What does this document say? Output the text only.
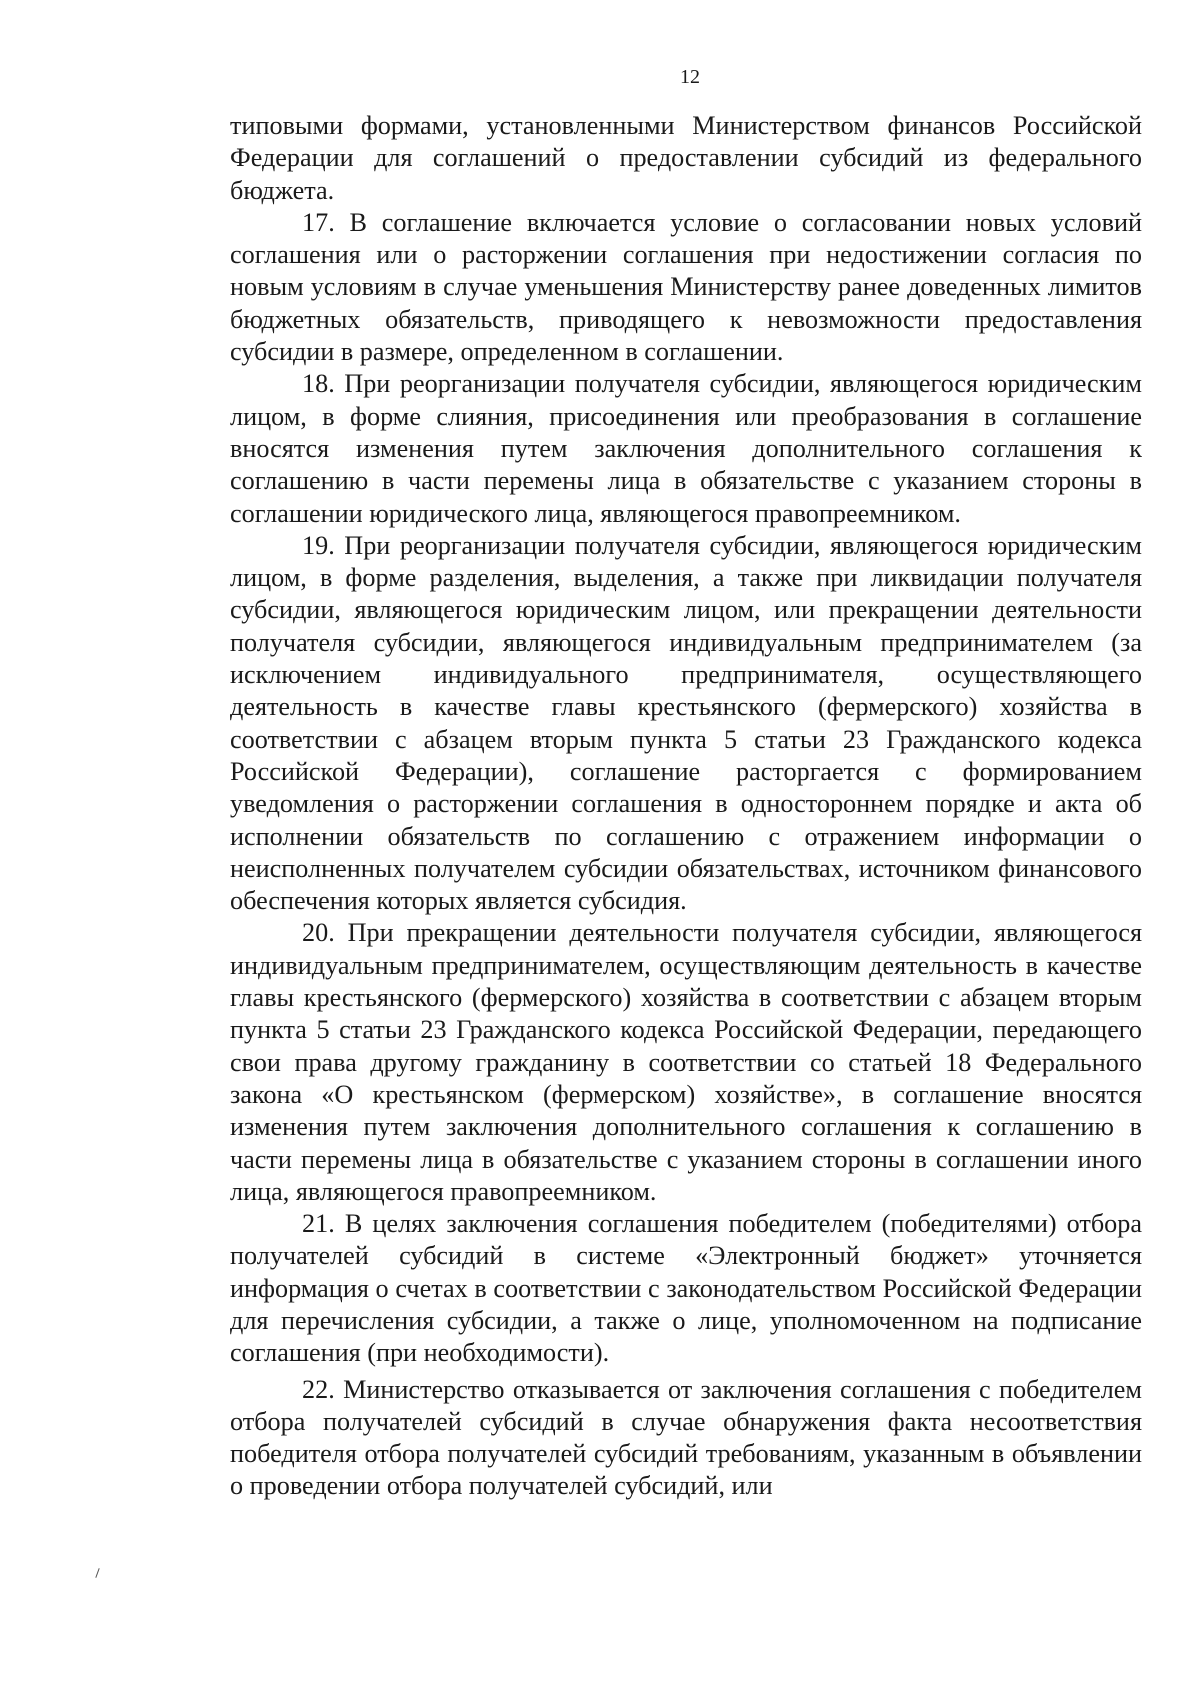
12

типовыми формами, установленными Министерством финансов Российской Федерации для соглашений о предоставлении субсидий из федерального бюджета.

17. В соглашение включается условие о согласовании новых условий соглашения или о расторжении соглашения при недостижении согласия по новым условиям в случае уменьшения Министерству ранее доведенных лимитов бюджетных обязательств, приводящего к невозможности предоставления субсидии в размере, определенном в соглашении.

18. При реорганизации получателя субсидии, являющегося юридическим лицом, в форме слияния, присоединения или преобразования в соглашение вносятся изменения путем заключения дополнительного соглашения к соглашению в части перемены лица в обязательстве с указанием стороны в соглашении юридического лица, являющегося правопреемником.

19. При реорганизации получателя субсидии, являющегося юридическим лицом, в форме разделения, выделения, а также при ликвидации получателя субсидии, являющегося юридическим лицом, или прекращении деятельности получателя субсидии, являющегося индивидуальным предпринимателем (за исключением индивидуального предпринимателя, осуществляющего деятельность в качестве главы крестьянского (фермерского) хозяйства в соответствии с абзацем вторым пункта 5 статьи 23 Гражданского кодекса Российской Федерации), соглашение расторгается с формированием уведомления о расторжении соглашения в одностороннем порядке и акта об исполнении обязательств по соглашению с отражением информации о неисполненных получателем субсидии обязательствах, источником финансового обеспечения которых является субсидия.

20. При прекращении деятельности получателя субсидии, являющегося индивидуальным предпринимателем, осуществляющим деятельность в качестве главы крестьянского (фермерского) хозяйства в соответствии с абзацем вторым пункта 5 статьи 23 Гражданского кодекса Российской Федерации, передающего свои права другому гражданину в соответствии со статьей 18 Федерального закона «О крестьянском (фермерском) хозяйстве», в соглашение вносятся изменения путем заключения дополнительного соглашения к соглашению в части перемены лица в обязательстве с указанием стороны в соглашении иного лица, являющегося правопреемником.

21. В целях заключения соглашения победителем (победителями) отбора получателей субсидий в системе «Электронный бюджет» уточняется информация о счетах в соответствии с законодательством Российской Федерации для перечисления субсидии, а также о лице, уполномоченном на подписание соглашения (при необходимости).

22. Министерство отказывается от заключения соглашения с победителем отбора получателей субсидий в случае обнаружения факта несоответствия победителя отбора получателей субсидий требованиям, указанным в объявлении о проведении отбора получателей субсидий, или
